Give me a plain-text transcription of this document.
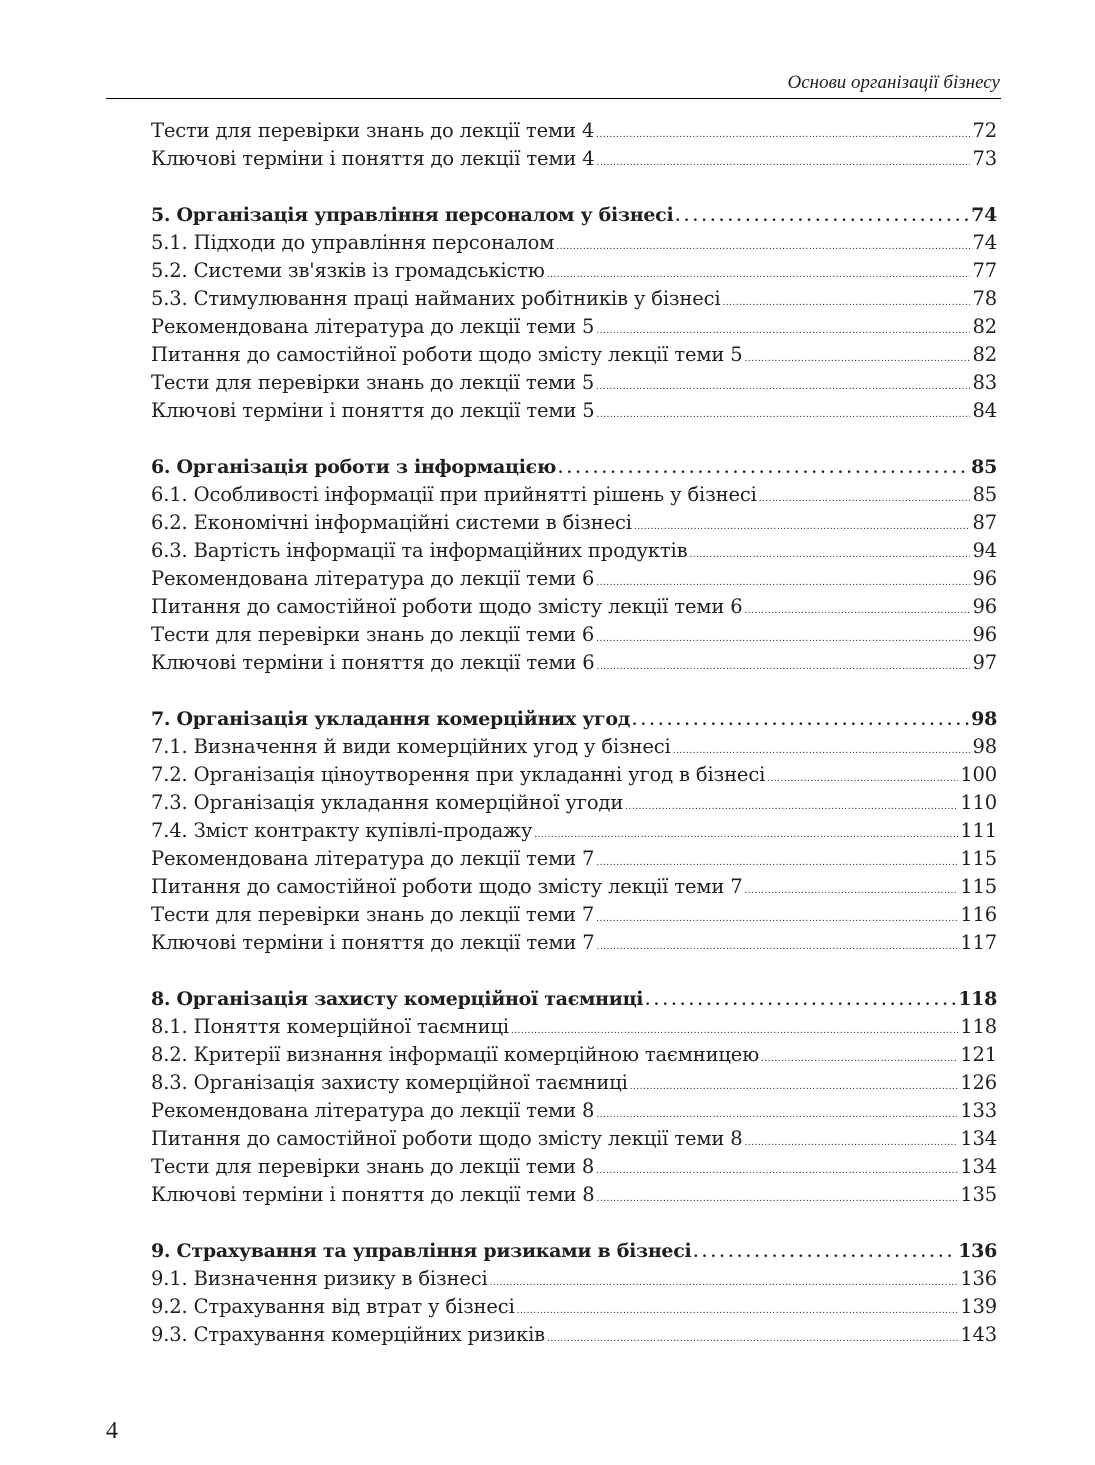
Основи організації бізнесу
Тести для перевірки знань до лекції теми 4 . . .	72
Ключові терміни і поняття до лекції теми 4 . . .	73
5. Організація управління персоналом у бізнесі . . .	74
5.1. Підходи до управління персоналом . . .	74
5.2. Системи зв'язків із громадськістю . . .	77
5.3. Стимулювання праці найманих робітників у бізнесі . . .	78
Рекомендована література до лекції теми 5 . . .	82
Питання до самостійної роботи щодо змісту лекції теми 5 . . .	82
Тести для перевірки знань до лекції теми 5 . . .	83
Ключові терміни і поняття до лекції теми 5 . . .	84
6. Організація роботи з інформацією . . .	85
6.1. Особливості інформації при прийнятті рішень у бізнесі . . .	85
6.2. Економічні інформаційні системи в бізнесі . . .	87
6.3. Вартість інформації та інформаційних продуктів . . .	94
Рекомендована література до лекції теми 6 . . .	96
Питання до самостійної роботи щодо змісту лекції теми 6 . . .	96
Тести для перевірки знань до лекції теми 6 . . .	96
Ключові терміни і поняття до лекції теми 6 . . .	97
7. Організація укладання комерційних угод . . .	98
7.1. Визначення й види комерційних угод у бізнесі . . .	98
7.2. Організація ціноутворення при укладанні угод в бізнесі . . .	100
7.3. Організація укладання комерційної угоди . . .	110
7.4. Зміст контракту купівлі-продажу . . .	111
Рекомендована література до лекції теми 7 . . .	115
Питання до самостійної роботи щодо змісту лекції теми 7 . . .	115
Тести для перевірки знань до лекції теми 7 . . .	116
Ключові терміни і поняття до лекції теми 7 . . .	117
8. Організація захисту комерційної таємниці . . .	118
8.1. Поняття комерційної таємниці . . .	118
8.2. Критерії визнання інформації комерційною таємницею . . .	121
8.3. Організація захисту комерційної таємниці . . .	126
Рекомендована література до лекції теми 8 . . .	133
Питання до самостійної роботи щодо змісту лекції теми 8 . . .	134
Тести для перевірки знань до лекції теми 8 . . .	134
Ключові терміни і поняття до лекції теми 8 . . .	135
9. Страхування та управління ризиками в бізнесі . . .	136
9.1. Визначення ризику в бізнесі . . .	136
9.2. Страхування від втрат у бізнесі . . .	139
9.3. Страхування комерційних ризиків . . .	143
4
